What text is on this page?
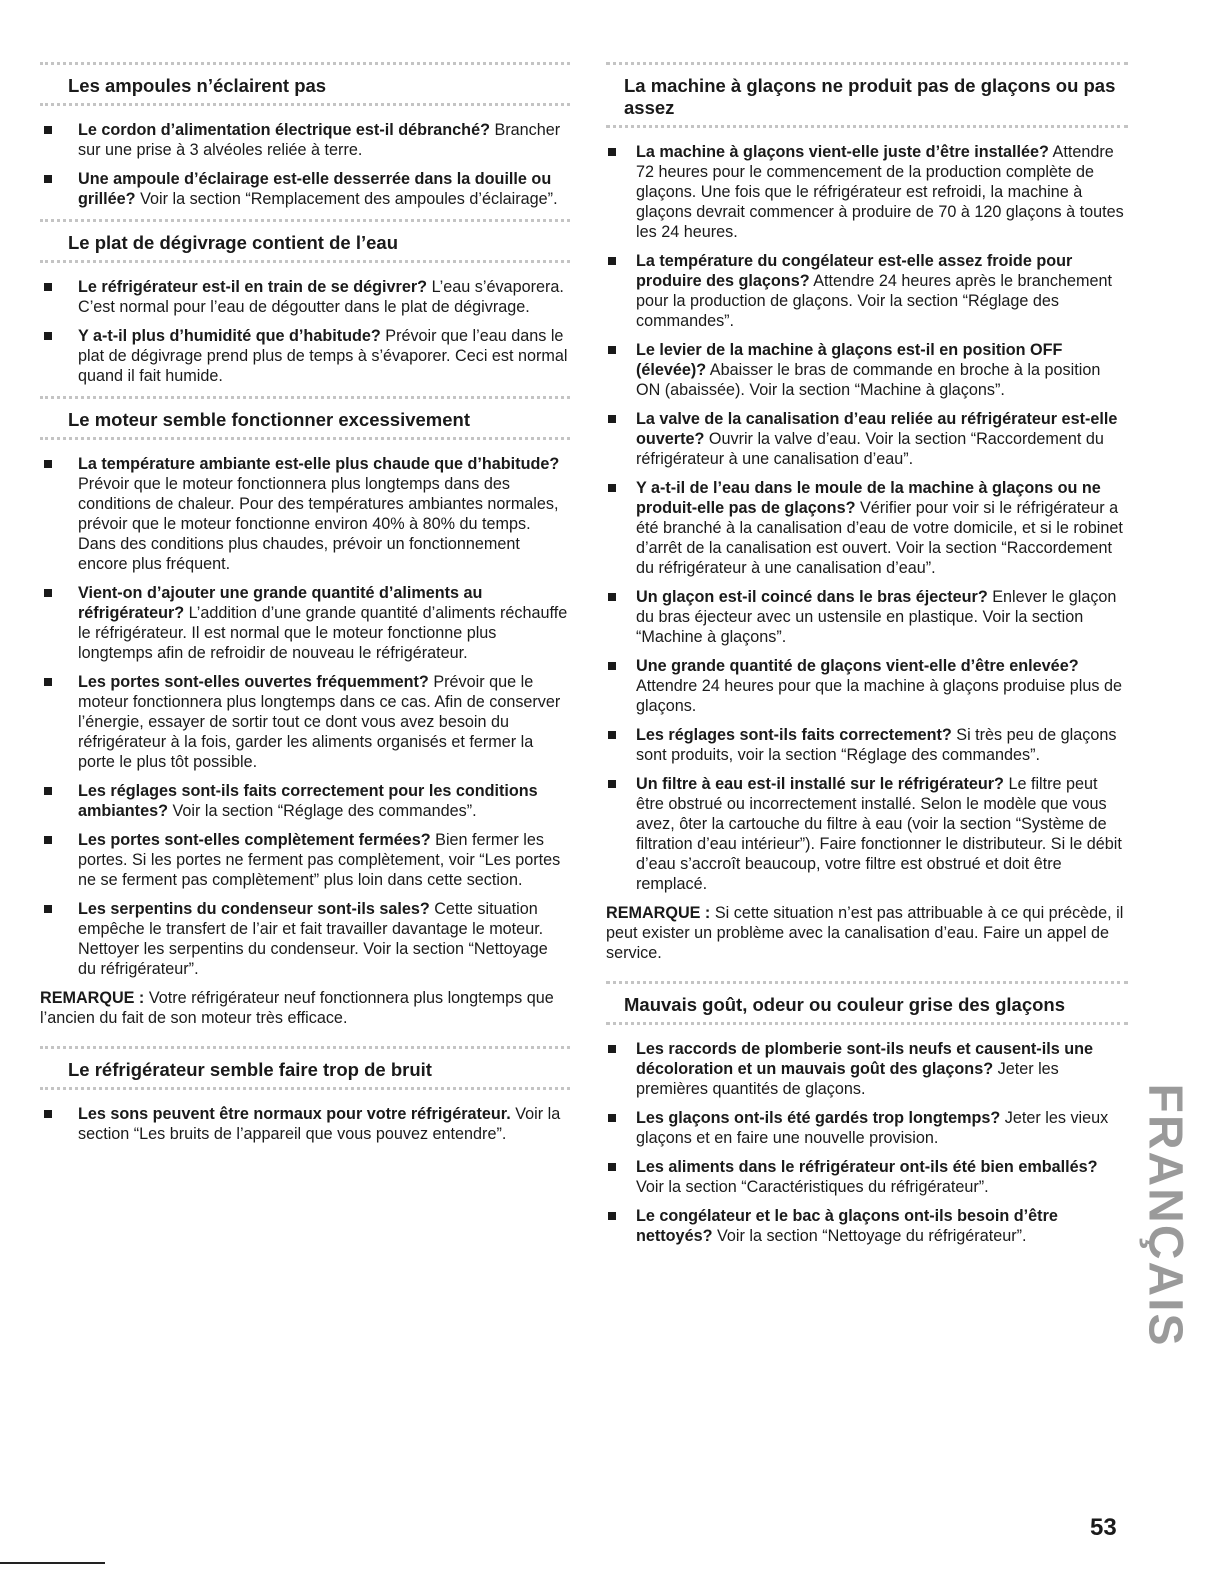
Les ampoules n’éclairent pas
Le cordon d’alimentation électrique est-il débranché? Brancher sur une prise à 3 alvéoles reliée à terre.
Une ampoule d’éclairage est-elle desserrée dans la douille ou grillée? Voir la section “Remplacement des ampoules d’éclairage”.
Le plat de dégivrage contient de l’eau
Le réfrigérateur est-il en train de se dégivrer? L’eau s’évaporera. C’est normal pour l’eau de dégoutter dans le plat de dégivrage.
Y a-t-il plus d’humidité que d’habitude? Prévoir que l’eau dans le plat de dégivrage prend plus de temps à s’évaporer. Ceci est normal quand il fait humide.
Le moteur semble fonctionner excessivement
La température ambiante est-elle plus chaude que d’habitude? Prévoir que le moteur fonctionnera plus longtemps dans des conditions de chaleur. Pour des températures ambiantes normales, prévoir que le moteur fonctionne environ 40% à 80% du temps. Dans des conditions plus chaudes, prévoir un fonctionnement encore plus fréquent.
Vient-on d’ajouter une grande quantité d’aliments au réfrigérateur? L’addition d’une grande quantité d’aliments réchauffe le réfrigérateur. Il est normal que le moteur fonctionne plus longtemps afin de refroidir de nouveau le réfrigérateur.
Les portes sont-elles ouvertes fréquemment? Prévoir que le moteur fonctionnera plus longtemps dans ce cas. Afin de conserver l’énergie, essayer de sortir tout ce dont vous avez besoin du réfrigérateur à la fois, garder les aliments organisés et fermer la porte le plus tôt possible.
Les réglages sont-ils faits correctement pour les conditions ambiantes? Voir la section “Réglage des commandes”.
Les portes sont-elles complètement fermées? Bien fermer les portes. Si les portes ne ferment pas complètement, voir “Les portes ne se ferment pas complètement” plus loin dans cette section.
Les serpentins du condenseur sont-ils sales? Cette situation empêche le transfert de l’air et fait travailler davantage le moteur. Nettoyer les serpentins du condenseur. Voir la section “Nettoyage du réfrigérateur”.

REMARQUE : Votre réfrigérateur neuf fonctionnera plus longtemps que l’ancien du fait de son moteur très efficace.

Le réfrigérateur semble faire trop de bruit
Les sons peuvent être normaux pour votre réfrigérateur. Voir la section “Les bruits de l’appareil que vous pouvez entendre”.
La machine à glaçons ne produit pas de glaçons ou pas assez
La machine à glaçons vient-elle juste d’être installée? Attendre 72 heures pour le commencement de la production complète de glaçons. Une fois que le réfrigérateur est refroidi, la machine à glaçons devrait commencer à produire de 70 à 120 glaçons à toutes les 24 heures.
La température du congélateur est-elle assez froide pour produire des glaçons? Attendre 24 heures après le branchement pour la production de glaçons. Voir la section “Réglage des commandes”.
Le levier de la machine à glaçons est-il en position OFF (élevée)? Abaisser le bras de commande en broche à la position ON (abaissée). Voir la section “Machine à glaçons”.
La valve de la canalisation d’eau reliée au réfrigérateur est-elle ouverte? Ouvrir la valve d’eau. Voir la section “Raccordement du réfrigérateur à une canalisation d’eau”.
Y a-t-il de l’eau dans le moule de la machine à glaçons ou ne produit-elle pas de glaçons? Vérifier pour voir si le réfrigérateur a été branché à la canalisation d’eau de votre domicile, et si le robinet d’arrêt de la canalisation est ouvert. Voir la section “Raccordement du réfrigérateur à une canalisation d’eau”.
Un glaçon est-il coincé dans le bras éjecteur? Enlever le glaçon du bras éjecteur avec un ustensile en plastique. Voir la section “Machine à glaçons”.
Une grande quantité de glaçons vient-elle d’être enlevée? Attendre 24 heures pour que la machine à glaçons produise plus de glaçons.
Les réglages sont-ils faits correctement? Si très peu de glaçons sont produits, voir la section “Réglage des commandes”.
Un filtre à eau est-il installé sur le réfrigérateur? Le filtre peut être obstrué ou incorrectement installé. Selon le modèle que vous avez, ôter la cartouche du filtre à eau (voir la section “Système de filtration d’eau intérieur”). Faire fonctionner le distributeur. Si le débit d’eau s’accroît beaucoup, votre filtre est obstrué et doit être remplacé.

REMARQUE : Si cette situation n’est pas attribuable à ce qui précède, il peut exister un problème avec la canalisation d’eau. Faire un appel de service.

Mauvais goût, odeur ou couleur grise des glaçons
Les raccords de plomberie sont-ils neufs et causent-ils une décoloration et un mauvais goût des glaçons? Jeter les premières quantités de glaçons.
Les glaçons ont-ils été gardés trop longtemps? Jeter les vieux glaçons et en faire une nouvelle provision.
Les aliments dans le réfrigérateur ont-ils été bien emballés? Voir la section “Caractéristiques du réfrigérateur”.
Le congélateur et le bac à glaçons ont-ils besoin d’être nettoyés? Voir la section “Nettoyage du réfrigérateur”.	FRANÇAIS
53
